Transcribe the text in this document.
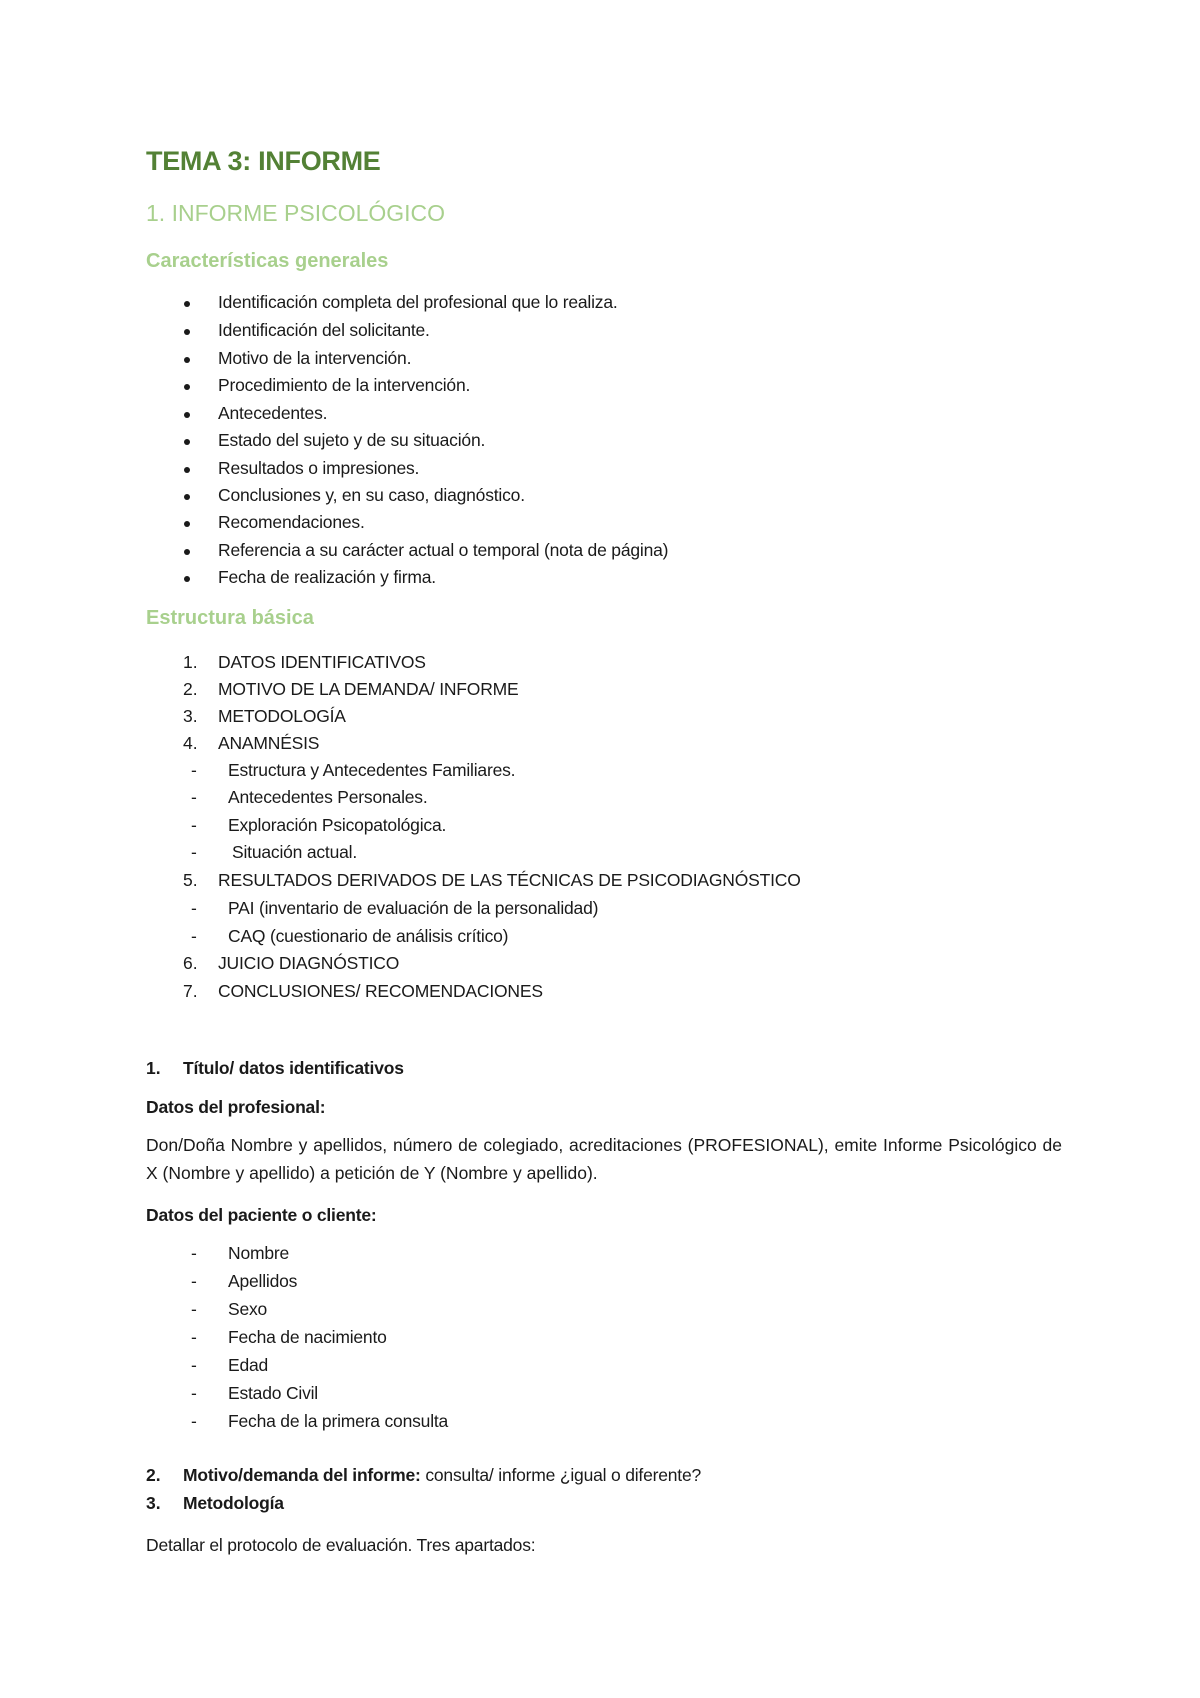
TEMA 3: INFORME
1. INFORME PSICOLÓGICO
Características generales
Identificación completa del profesional que lo realiza.
Identificación del solicitante.
Motivo de la intervención.
Procedimiento de la intervención.
Antecedentes.
Estado del sujeto y de su situación.
Resultados o impresiones.
Conclusiones y, en su caso, diagnóstico.
Recomendaciones.
Referencia a su carácter actual o temporal (nota de página)
Fecha de realización y firma.
Estructura básica
1. DATOS IDENTIFICATIVOS
2. MOTIVO DE LA DEMANDA/ INFORME
3. METODOLOGÍA
4. ANAMNÉSIS
- Estructura y Antecedentes Familiares.
- Antecedentes Personales.
- Exploración Psicopatológica.
- Situación actual.
5. RESULTADOS DERIVADOS DE LAS TÉCNICAS DE PSICODIAGNÓSTICO
- PAI (inventario de evaluación de la personalidad)
- CAQ (cuestionario de análisis crítico)
6. JUICIO DIAGNÓSTICO
7. CONCLUSIONES/ RECOMENDACIONES
1. Título/ datos identificativos
Datos del profesional:
Don/Doña Nombre y apellidos, número de colegiado, acreditaciones (PROFESIONAL), emite Informe Psicológico de X (Nombre y apellido) a petición de Y (Nombre y apellido).
Datos del paciente o cliente:
- Nombre
- Apellidos
- Sexo
- Fecha de nacimiento
- Edad
- Estado Civil
- Fecha de la primera consulta
2. Motivo/demanda del informe: consulta/ informe ¿igual o diferente?
3. Metodología
Detallar el protocolo de evaluación. Tres apartados:
